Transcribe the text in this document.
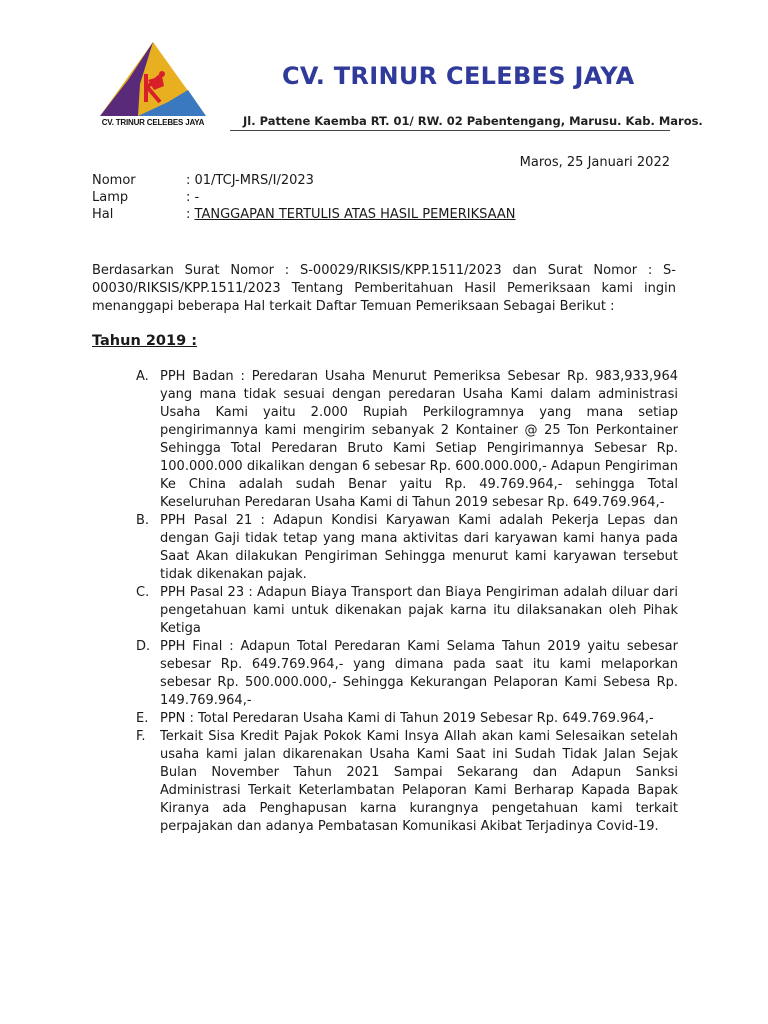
CV. TRINUR CELEBES JAYA
CV. TRINUR CELEBES JAYA
Jl. Pattene Kaemba RT. 01/ RW. 02 Pabentengang, Marusu. Kab. Maros.
Maros, 25 Januari 2022
Nomor	: 01/TCJ-MRS/I/2023
Lamp	: -
Hal	: TANGGAPAN TERTULIS ATAS HASIL PEMERIKSAAN
Berdasarkan Surat Nomor : S-00029/RIKSIS/KPP.1511/2023 dan Surat Nomor : S-00030/RIKSIS/KPP.1511/2023 Tentang Pemberitahuan Hasil Pemeriksaan kami ingin menanggapi beberapa Hal terkait Daftar Temuan Pemeriksaan Sebagai Berikut :
Tahun 2019 :
A. PPH Badan : Peredaran Usaha Menurut Pemeriksa Sebesar Rp. 983,933,964 yang mana tidak sesuai dengan peredaran Usaha Kami dalam administrasi Usaha Kami yaitu 2.000 Rupiah Perkilogramnya yang mana setiap pengirimannya kami mengirim sebanyak 2 Kontainer @ 25 Ton Perkontainer Sehingga Total Peredaran Bruto Kami Setiap Pengirimannya Sebesar Rp. 100.000.000 dikalikan dengan 6 sebesar Rp. 600.000.000,- Adapun Pengiriman Ke China adalah sudah Benar yaitu Rp. 49.769.964,- sehingga Total Keseluruhan Peredaran Usaha Kami di Tahun 2019 sebesar Rp. 649.769.964,-
B. PPH Pasal 21 : Adapun Kondisi Karyawan Kami adalah Pekerja Lepas dan dengan Gaji tidak tetap yang mana aktivitas dari karyawan kami hanya pada Saat Akan dilakukan Pengiriman Sehingga menurut kami karyawan tersebut tidak dikenakan pajak.
C. PPH Pasal 23 : Adapun Biaya Transport dan Biaya Pengiriman adalah diluar dari pengetahuan kami untuk dikenakan pajak karna itu dilaksanakan oleh Pihak Ketiga
D. PPH Final : Adapun Total Peredaran Kami Selama Tahun 2019 yaitu sebesar sebesar Rp. 649.769.964,- yang dimana pada saat itu kami melaporkan sebesar Rp. 500.000.000,- Sehingga Kekurangan Pelaporan Kami Sebesa Rp. 149.769.964,-
E. PPN : Total Peredaran Usaha Kami di Tahun 2019 Sebesar Rp. 649.769.964,-
F.	Terkait Sisa Kredit Pajak Pokok Kami Insya Allah akan kami Selesaikan setelah usaha kami jalan dikarenakan Usaha Kami Saat ini Sudah Tidak Jalan Sejak Bulan November Tahun 2021 Sampai Sekarang dan Adapun Sanksi Administrasi Terkait Keterlambatan Pelaporan Kami Berharap Kapada Bapak Kiranya ada Penghapusan karna kurangnya pengetahuan kami terkait perpajakan dan adanya Pembatasan Komunikasi Akibat Terjadinya Covid-19.
